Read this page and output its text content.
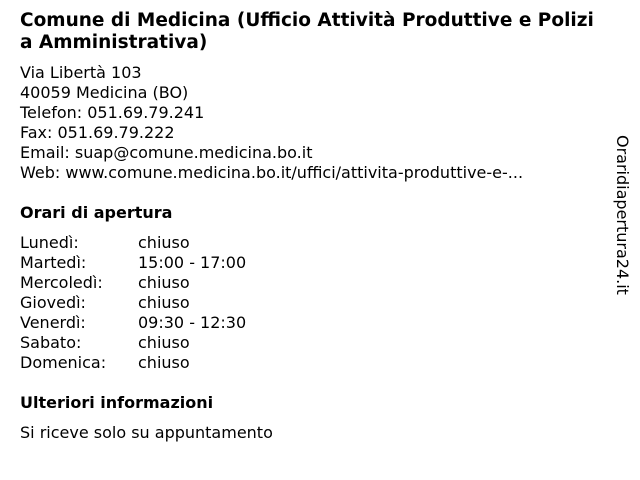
Comune di Medicina (Ufficio Attività Produttive e Polizia Amministrativa)
Via Libertà 103
40059 Medicina (BO)
Telefon: 051.69.79.241
Fax: 051.69.79.222
Email: suap@comune.medicina.bo.it
Web: www.comune.medicina.bo.it/uffici/attivita-produttive-e-...
Orari di apertura
Lunedì:	chiuso
Martedì:	15:00 - 17:00
Mercoledì:	chiuso
Giovedì:	chiuso
Venerdì:	09:30 - 12:30
Sabato:	chiuso
Domenica:	chiuso
Ulteriori informazioni
Si riceve solo su appuntamento
Oraridiapertura24.it
